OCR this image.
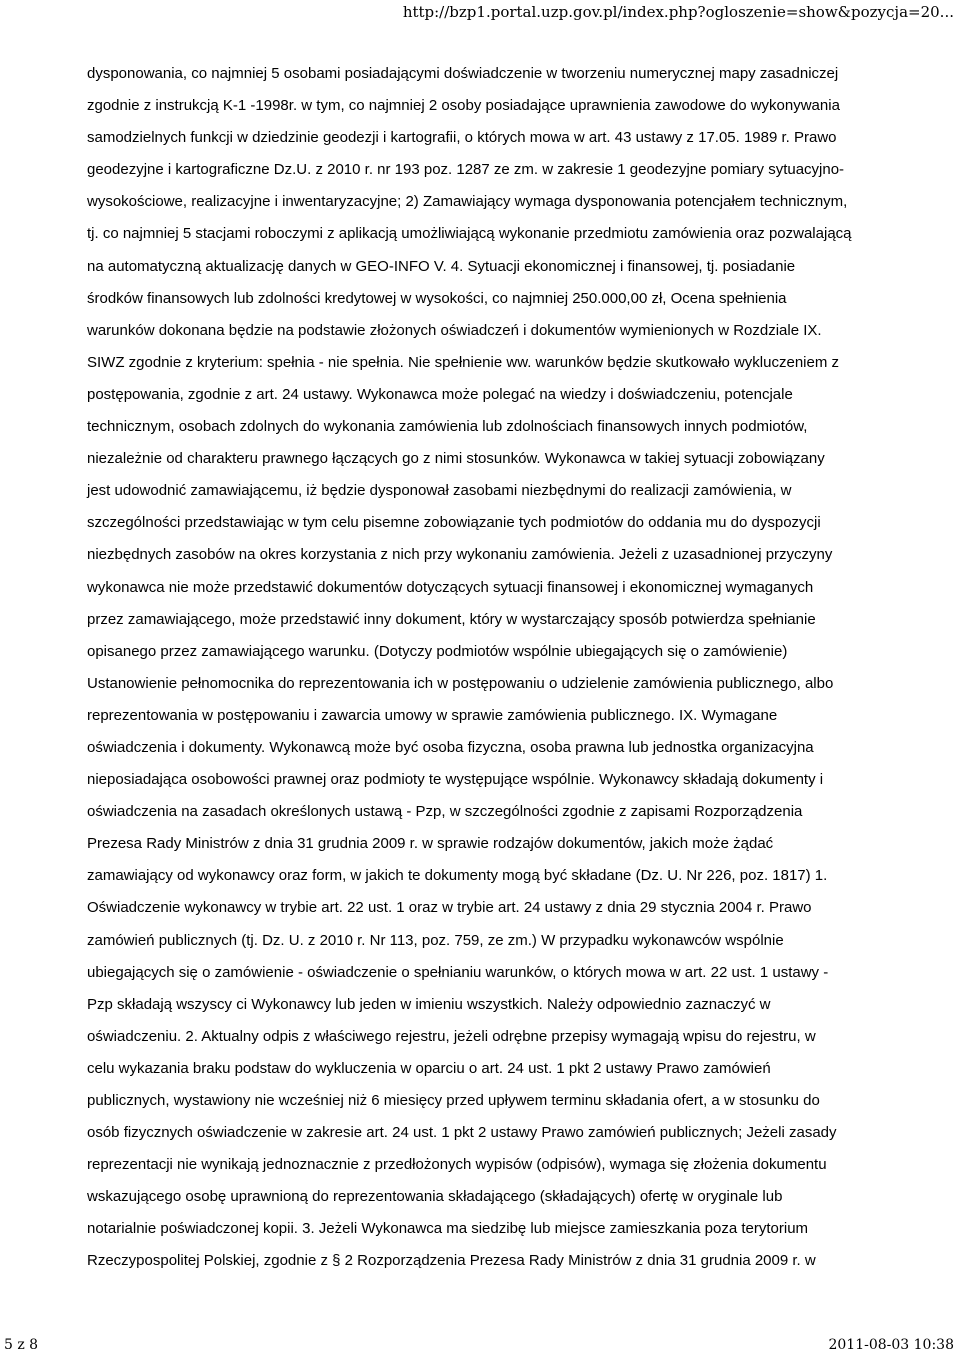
http://bzp1.portal.uzp.gov.pl/index.php?ogloszenie=show&pozycja=20...
dysponowania, co najmniej 5 osobami posiadającymi doświadczenie w tworzeniu numerycznej mapy zasadniczej
zgodnie z instrukcją K-1 -1998r. w tym, co najmniej 2 osoby posiadające uprawnienia zawodowe do wykonywania
samodzielnych funkcji w dziedzinie geodezji i kartografii, o których mowa w art. 43 ustawy z 17.05. 1989 r. Prawo
geodezyjne i kartograficzne Dz.U. z 2010 r. nr 193 poz. 1287 ze zm. w zakresie 1 geodezyjne pomiary sytuacyjno-
wysokościowe, realizacyjne i inwentaryzacyjne; 2) Zamawiający wymaga dysponowania potencjałem technicznym,
tj. co najmniej 5 stacjami roboczymi z aplikacją umożliwiającą wykonanie przedmiotu zamówienia oraz pozwalającą
na automatyczną aktualizację danych w GEO-INFO V. 4. Sytuacji ekonomicznej i finansowej, tj. posiadanie
środków finansowych lub zdolności kredytowej w wysokości, co najmniej 250.000,00 zł, Ocena spełnienia
warunków dokonana będzie na podstawie złożonych oświadczeń i dokumentów wymienionych w Rozdziale IX.
SIWZ zgodnie z kryterium: spełnia - nie spełnia. Nie spełnienie ww. warunków będzie skutkowało wykluczeniem z
postępowania, zgodnie z art. 24 ustawy. Wykonawca może polegać na wiedzy i doświadczeniu, potencjale
technicznym, osobach zdolnych do wykonania zamówienia lub zdolnościach finansowych innych podmiotów,
niezależnie od charakteru prawnego łączących go z nimi stosunków. Wykonawca w takiej sytuacji zobowiązany
jest udowodnić zamawiającemu, iż będzie dysponował zasobami niezbędnymi do realizacji zamówienia, w
szczególności przedstawiając w tym celu pisemne zobowiązanie tych podmiotów do oddania mu do dyspozycji
niezbędnych zasobów na okres korzystania z nich przy wykonaniu zamówienia. Jeżeli z uzasadnionej przyczyny
wykonawca nie może przedstawić dokumentów dotyczących sytuacji finansowej i ekonomicznej wymaganych
przez zamawiającego, może przedstawić inny dokument, który w wystarczający sposób potwierdza spełnianie
opisanego przez zamawiającego warunku. (Dotyczy podmiotów wspólnie ubiegających się o zamówienie)
Ustanowienie pełnomocnika do reprezentowania ich w postępowaniu o udzielenie zamówienia publicznego, albo
reprezentowania w postępowaniu i zawarcia umowy w sprawie zamówienia publicznego. IX. Wymagane
oświadczenia i dokumenty. Wykonawcą może być osoba fizyczna, osoba prawna lub jednostka organizacyjna
nieposiadająca osobowości prawnej oraz podmioty te występujące wspólnie. Wykonawcy składają dokumenty i
oświadczenia na zasadach określonych ustawą - Pzp, w szczególności zgodnie z zapisami Rozporządzenia
Prezesa Rady Ministrów z dnia 31 grudnia 2009 r. w sprawie rodzajów dokumentów, jakich może żądać
zamawiający od wykonawcy oraz form, w jakich te dokumenty mogą być składane (Dz. U. Nr 226, poz. 1817) 1.
Oświadczenie wykonawcy w trybie art. 22 ust. 1 oraz w trybie art. 24 ustawy z dnia 29 stycznia 2004 r. Prawo
zamówień publicznych (tj. Dz. U. z 2010 r. Nr 113, poz. 759, ze zm.) W przypadku wykonawców wspólnie
ubiegających się o zamówienie - oświadczenie o spełnianiu warunków, o których mowa w art. 22 ust. 1 ustawy -
Pzp składają wszyscy ci Wykonawcy lub jeden w imieniu wszystkich. Należy odpowiednio zaznaczyć w
oświadczeniu. 2. Aktualny odpis z właściwego rejestru, jeżeli odrębne przepisy wymagają wpisu do rejestru, w
celu wykazania braku podstaw do wykluczenia w oparciu o art. 24 ust. 1 pkt 2 ustawy Prawo zamówień
publicznych, wystawiony nie wcześniej niż 6 miesięcy przed upływem terminu składania ofert, a w stosunku do
osób fizycznych oświadczenie w zakresie art. 24 ust. 1 pkt 2 ustawy Prawo zamówień publicznych; Jeżeli zasady
reprezentacji nie wynikają jednoznacznie z przedłożonych wypisów (odpisów), wymaga się złożenia dokumentu
wskazującego osobę uprawnioną do reprezentowania składającego (składających) ofertę w oryginale lub
notarialnie poświadczonej kopii. 3. Jeżeli Wykonawca ma siedzibę lub miejsce zamieszkania poza terytorium
Rzeczypospolitej Polskiej, zgodnie z § 2 Rozporządzenia Prezesa Rady Ministrów z dnia 31 grudnia 2009 r. w
5 z 8	2011-08-03 10:38
